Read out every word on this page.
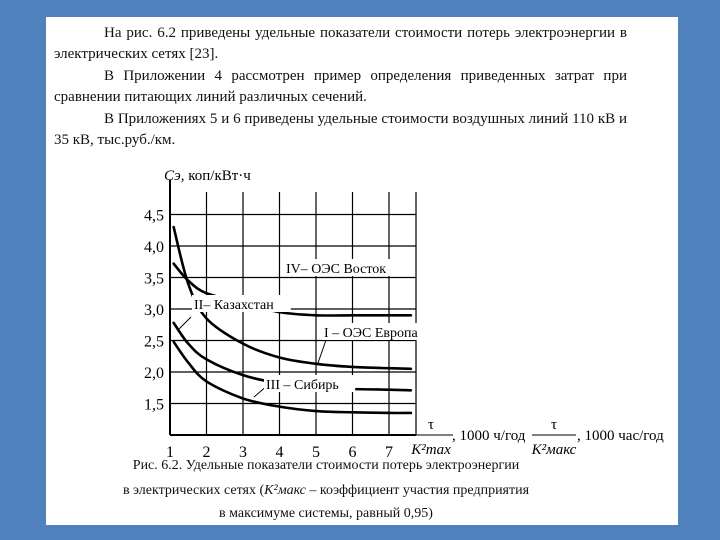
На рис. 6.2 приведены удельные показатели стоимости потерь электроэнергии в электрических сетях [23].
В Приложении 4 рассмотрен пример определения приведенных затрат при сравнении питающих линий различных сечений.
В Приложениях 5 и 6 приведены удельные стоимости воздушных линий 110 кВ и 35 кВ, тыс.руб./км.
1 2 3 4 5 6 7
1,5
2,0
2,5
3,0
3,5
4,0
4,5
Сэ, коп/кВт·ч
τ
K²max
, 1000 ч/год
τ
K²макс
, 1000 час/год
IV– ОЭС Восток
II– Казахстан
I – ОЭС Европа
III – Сибирь
Рис. 6.2. Удельные показатели стоимости потерь электроэнергии
в электрических сетях (K²макс – коэффициент участия предприятия
в максимуме системы, равный 0,95)
